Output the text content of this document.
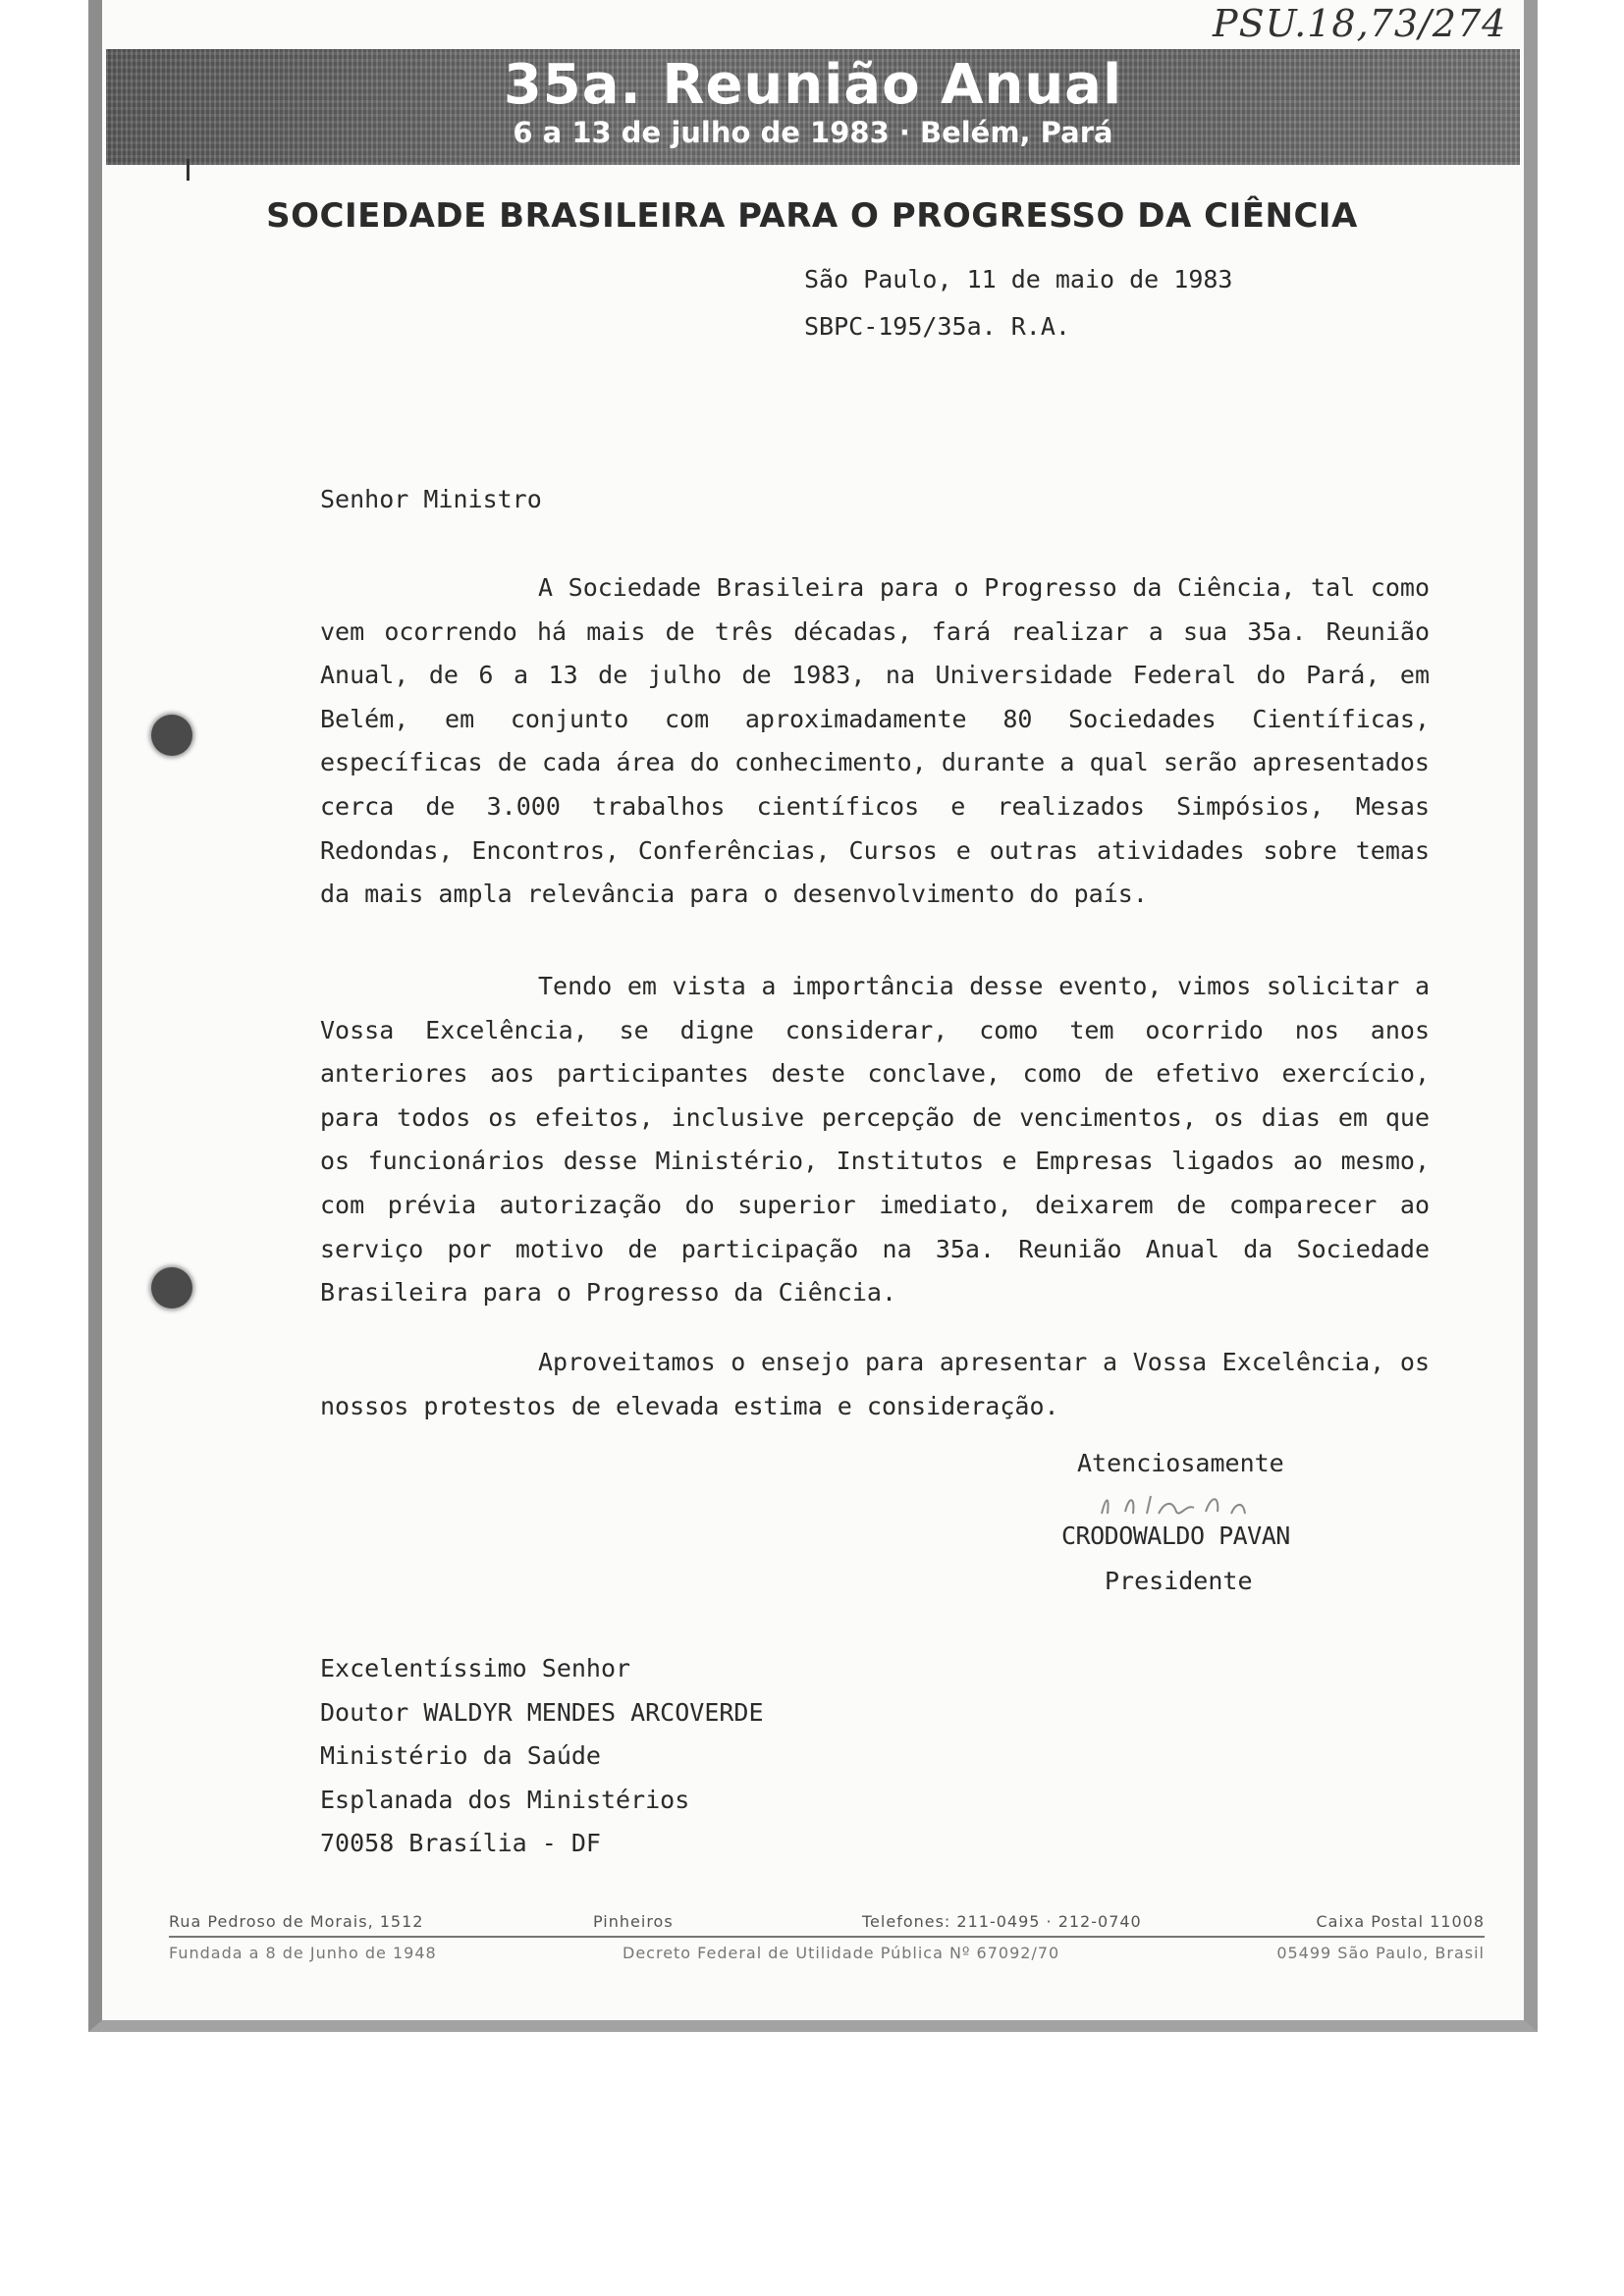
PSU.18,73/274

35a. Reunião Anual

6 a 13 de julho de 1983 · Belém, Pará

SOCIEDADE BRASILEIRA PARA O PROGRESSO DA CIÊNCIA

São Paulo, 11 de maio de 1983

SBPC-195/35a. R.A.

Senhor Ministro

A Sociedade Brasileira para o Progresso da Ciência, tal como vem ocorrendo há mais de três décadas, fará realizar a sua 35a. Reunião Anual, de 6 a 13 de julho de 1983, na Universidade Federal do Pará, em Belém, em conjunto com aproximadamente 80 Sociedades Científicas, específicas de cada área do conhecimento, durante a qual serão apresentados cerca de 3.000 trabalhos científicos e realizados Simpósios, Mesas Redondas, Encontros, Conferências, Cursos e outras atividades sobre temas da mais ampla relevância para o desenvolvimento do país.

Tendo em vista a importância desse evento, vimos solicitar a Vossa Excelência, se digne considerar, como tem ocorrido nos anos anteriores aos participantes deste conclave, como de efetivo exercício, para todos os efeitos, inclusive percepção de vencimentos, os dias em que os funcionários desse Ministério, Institutos e Empresas ligados ao mesmo, com prévia autorização do superior imediato, deixarem de comparecer ao serviço por motivo de participação na 35a. Reunião Anual da Sociedade Brasileira para o Progresso da Ciência.

Aproveitamos o ensejo para apresentar a Vossa Excelência, os nossos protestos de elevada estima e consideração.

Atenciosamente

CRODOWALDO PAVAN

Presidente

Excelentíssimo Senhor

Doutor WALDYR MENDES ARCOVERDE

Ministério da Saúde

Esplanada dos Ministérios

70058 Brasília - DF

Rua Pedroso de Morais, 1512	Pinheiros	Telefones: 211-0495 · 212-0740	Caixa Postal 11008
Fundada a 8 de Junho de 1948	Decreto Federal de Utilidade Pública Nº 67092/70	05499 São Paulo, Brasil
